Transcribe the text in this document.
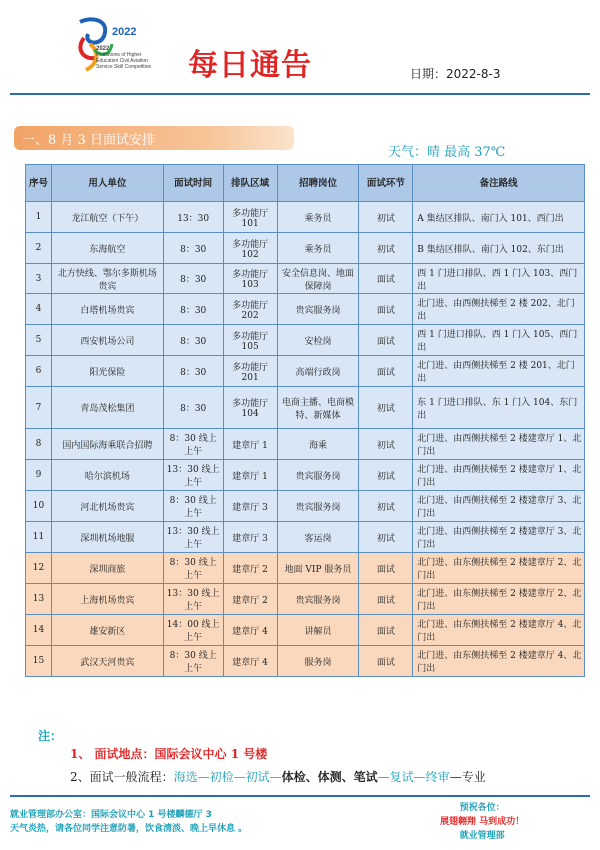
2022
2022
Institutions of Higher Education Civil Aviation Service Skill Competition	每日通告	日期：2022-8-3
一、8 月 3 日面试安排
天气：晴 最高 37℃
序号	用人单位	面试时间	排队区域	招聘岗位	面试环节	备注路线
1	龙江航空（下午）	13：30	多功能厅 101	乘务员	初试	A 集结区排队、南门入 101、西门出
2	东海航空	8：30	多功能厅 102	乘务员	初试	B 集结区排队、南门入 102、东门出
3	北方快线、鄂尔多斯机场贵宾	8：30	多功能厅 103	安全信息岗、地面保障岗	面试	西 1 门进口排队、西 1 门入 103、西门出
4	白塔机场贵宾	8：30	多功能厅 202	贵宾服务岗	面试	北门进、由西侧扶梯至 2 楼 202、北门出
5	西安机场公司	8：30	多功能厅 105	安检岗	面试	西 1 门进口排队、西 1 门入 105、西门出
6	阳光保险	8：30	多功能厅 201	高端行政岗	面试	北门进、由西侧扶梯至 2 楼 201、北门出
7	青岛茂松集团	8：30	多功能厅 104	电商主播、电商模特、新媒体	初试	东 1 门进口排队、东 1 门入 104、东门出
8	国内国际海乘联合招聘	8：30 线上上午	建章厅 1	海乘	初试	北门进、由西侧扶梯至 2 楼建章厅 1、北门出
9	哈尔滨机场	13：30 线上上午	建章厅 1	贵宾服务岗	初试	北门进、由西侧扶梯至 2 楼建章厅 1、北门出
10	河北机场贵宾	8：30 线上上午	建章厅 3	贵宾服务岗	初试	北门进、由西侧扶梯至 2 楼建章厅 3、北门出
11	深圳机场地服	13：30 线上上午	建章厅 3	客运岗	初试	北门进、由西侧扶梯至 2 楼建章厅 3、北门出
12	深圳商旅	8：30 线上上午	建章厅 2	地面 VIP 服务员	面试	北门进、由东侧扶梯至 2 楼建章厅 2、北门出
13	上海机场贵宾	13：30 线上上午	建章厅 2	贵宾服务岗	面试	北门进、由东侧扶梯至 2 楼建章厅 2、北门出
14	雄安新区	14：00 线上上午	建章厅 4	讲解员	面试	北门进、由东侧扶梯至 2 楼建章厅 4、北门出
15	武汉天河贵宾	8：30 线上上午	建章厅 4	服务岗	面试	北门进、由东侧扶梯至 2 楼建章厅 4、北门出
注：
1、 面试地点：国际会议中心 1 号楼
2、面试一般流程：海选—初检—初试—体检、体测、笔试—复试—终审—专业
就业管理部办公室：国际会议中心 1 号楼麟德厅 3
天气炎热，请各位同学注意防暑，饮食清淡、晚上早休息 。
预祝各位：
展翅翱翔 马到成功！
就业管理部
